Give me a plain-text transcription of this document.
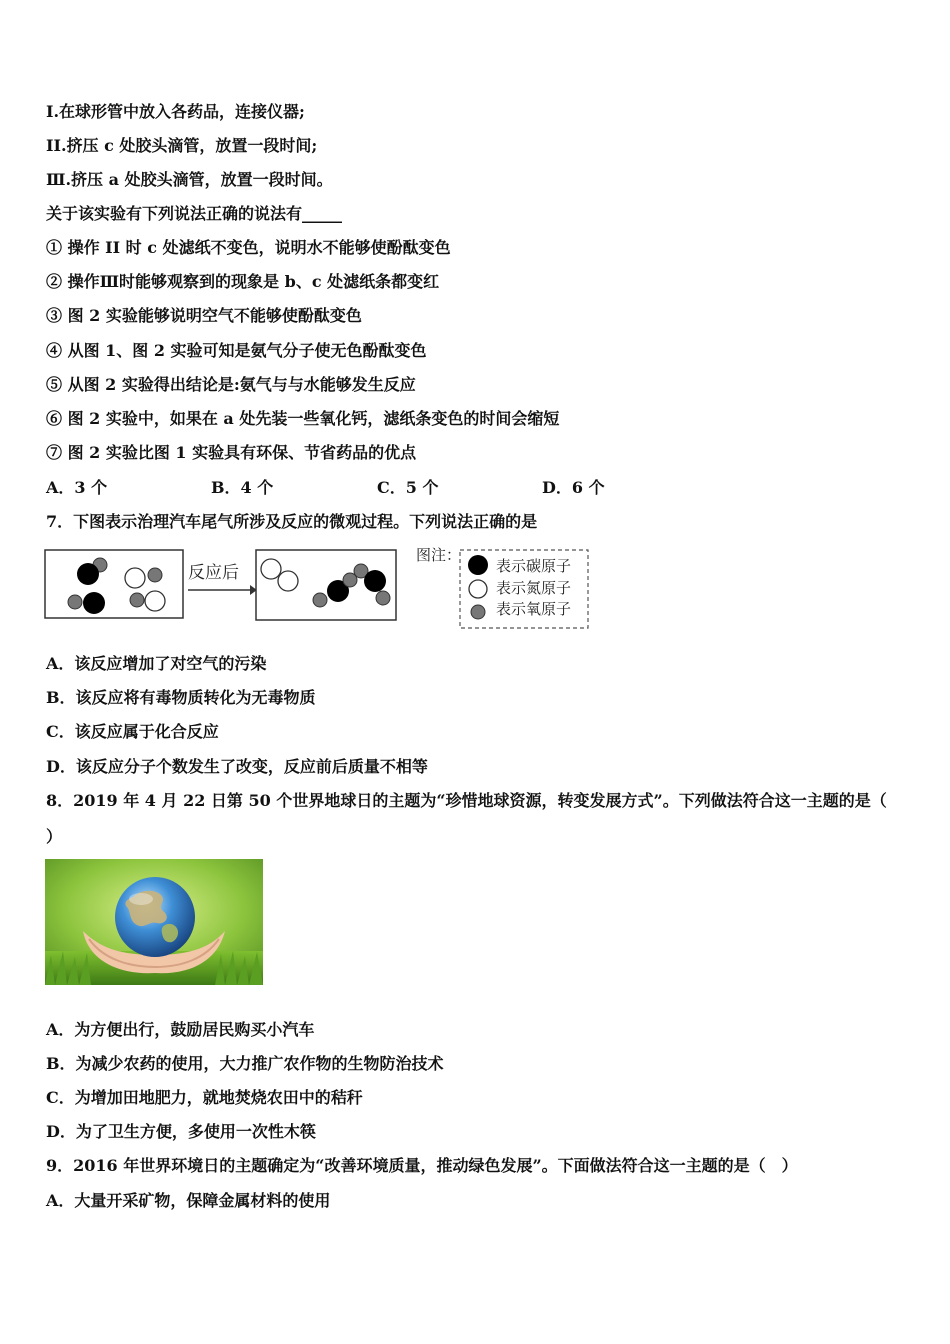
I.在球形管中放入各药品，连接仪器;
II.挤压 c 处胶头滴管，放置一段时间;
Ⅲ.挤压 a 处胶头滴管，放置一段时间。
关于该实验有下列说法正确的说法有_____
① 操作 II 时 c 处滤纸不变色，说明水不能够使酚酞变色
② 操作Ⅲ时能够观察到的现象是 b、c 处滤纸条都变红
③ 图 2 实验能够说明空气不能够使酚酞变色
④ 从图 1、图 2 实验可知是氨气分子使无色酚酞变色
⑤ 从图 2 实验得出结论是:氨气与与水能够发生反应
⑥ 图 2 实验中，如果在 a 处先装一些氧化钙，滤纸条变色的时间会缩短
⑦ 图 2 实验比图 1 实验具有环保、节省药品的优点
A．3 个	B．4 个	C．5 个	D．6 个
7．下图表示治理汽车尾气所涉及反应的微观过程。下列说法正确的是
反应后
图注：
表示碳原子
表示氮原子
表示氧原子
A．该反应增加了对空气的污染
B．该反应将有毒物质转化为无毒物质
C．该反应属于化合反应
D．该反应分子个数发生了改变，反应前后质量不相等
8．2019 年 4 月 22 日第 50 个世界地球日的主题为“珍惜地球资源，转变发展方式”。下列做法符合这一主题的是（
）
A．为方便出行，鼓励居民购买小汽车
B．为减少农药的使用，大力推广农作物的生物防治技术
C．为增加田地肥力，就地焚烧农田中的秸秆
D．为了卫生方便，多使用一次性木筷
9．2016 年世界环境日的主题确定为“改善环境质量，推动绿色发展”。下面做法符合这一主题的是（　）
A．大量开采矿物，保障金属材料的使用
